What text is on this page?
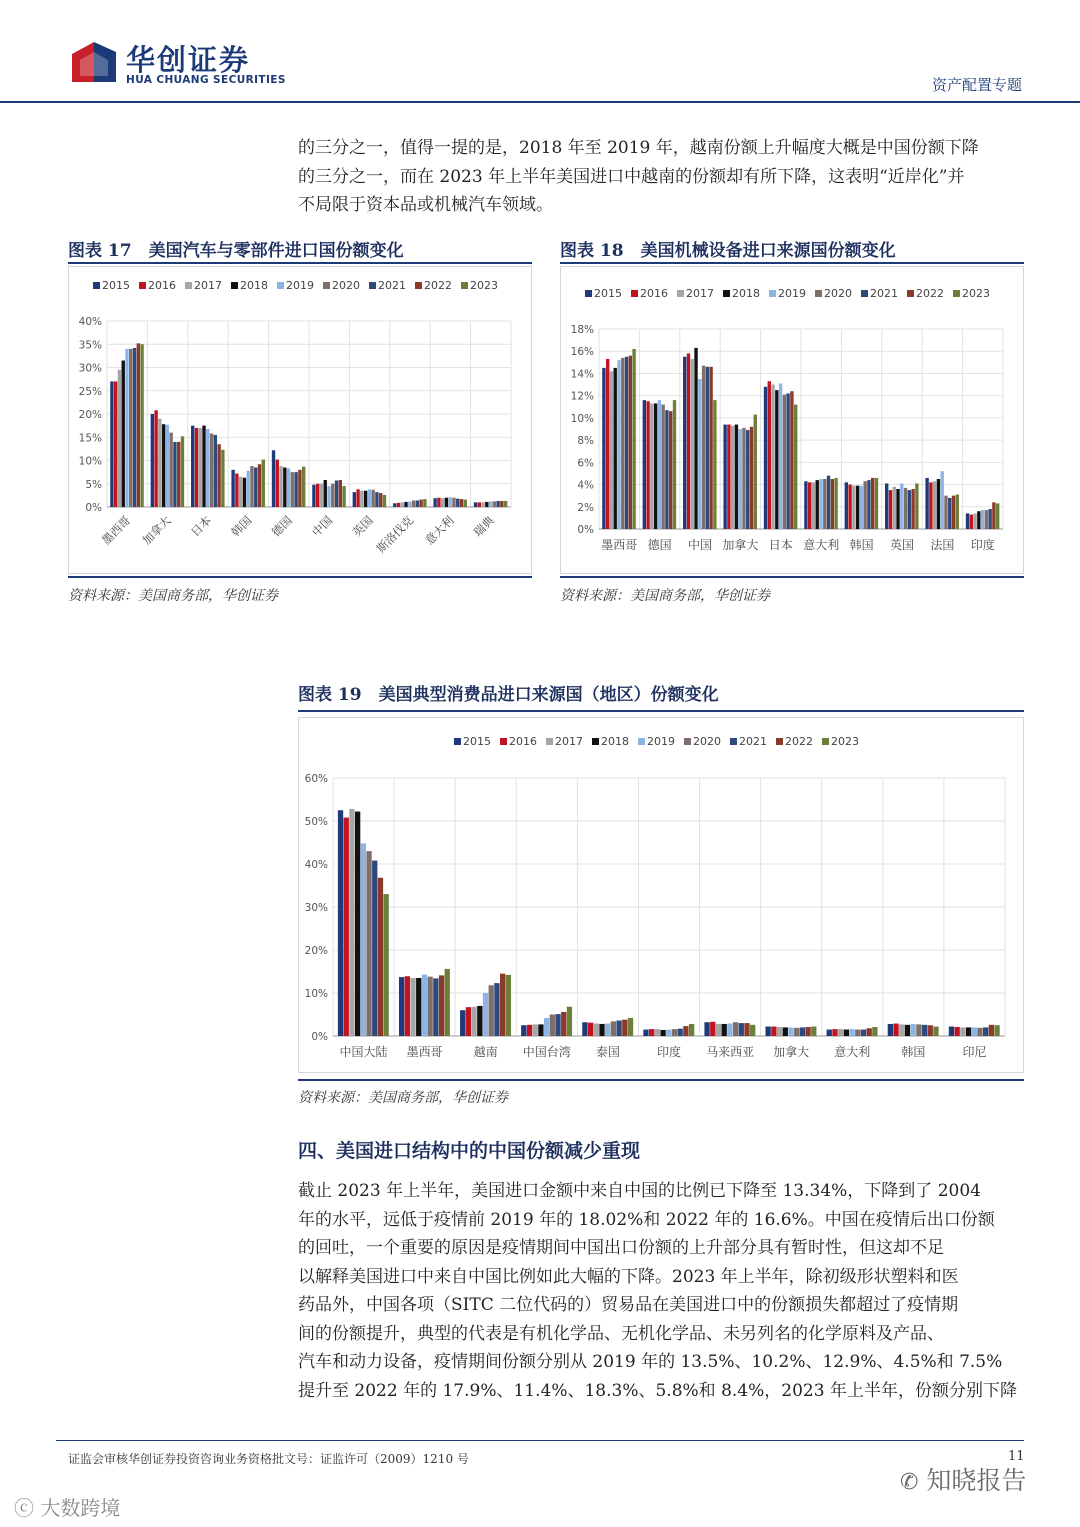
华创证券
HUA CHUANG SECURITIES	资产配置专题

的三分之一，值得一提的是，2018 年至 2019 年，越南份额上升幅度大概是中国份额下降

的三分之一，而在 2023 年上半年美国进口中越南的份额却有所下降，这表明“近岸化”并

不局限于资本品或机械汽车领域。

图表 17　美国汽车与零部件进口国份额变化
2015 2016 2017 2018 2019 2020 2021 2022 2023
0%
5%
10%
15%
20%
25%
30%
35%
40%
墨西哥 加拿大 日本 韩国 德国 中国 英国
斯洛伐克 意大利 瑞典
资料来源：美国商务部，华创证券
图表 18　美国机械设备进口来源国份额变化
2015 2016 2017 2018 2019 2020 2021 2022 2023
0%
2%
4%
6%
8%
10%
12%
14%
16%
18%
墨西哥 德国 中国 加拿大 日本 意大利 韩国 英国 法国 印度
资料来源：美国商务部，华创证券
图表 19　美国典型消费品进口来源国（地区）份额变化
2015 2016 2017 2018 2019 2020 2021 2022 2023
0%
10%
20%
30%
40%
50%
60%
中国大陆 墨西哥	越南 中国台湾 泰国	印度 马来西亚 加拿大 意大利	韩国	印尼
资料来源：美国商务部，华创证券
四、美国进口结构中的中国份额减少重现

截止 2023 年上半年，美国进口金额中来自中国的比例已下降至 13.34%，下降到了 2004

年的水平，远低于疫情前 2019 年的 18.02%和 2022 年的 16.6%。中国在疫情后出口份额

的回吐，一个重要的原因是疫情期间中国出口份额的上升部分具有暂时性，但这却不足

以解释美国进口中来自中国比例如此大幅的下降。2023 年上半年，除初级形状塑料和医

药品外，中国各项（SITC 二位代码的）贸易品在美国进口中的份额损失都超过了疫情期

间的份额提升，典型的代表是有机化学品、无机化学品、未另列名的化学原料及产品、

汽车和动力设备，疫情期间份额分别从 2019 年的 13.5%、10.2%、12.9%、4.5%和 7.5%

提升至 2022 年的 17.9%、11.4%、18.3%、5.8%和 8.4%，2023 年上半年，份额分别下降

证监会审核华创证券投资咨询业务资格批文号：证监许可（2009）1210 号	11
✆ 知晓报告
ⓒ 大数跨境
